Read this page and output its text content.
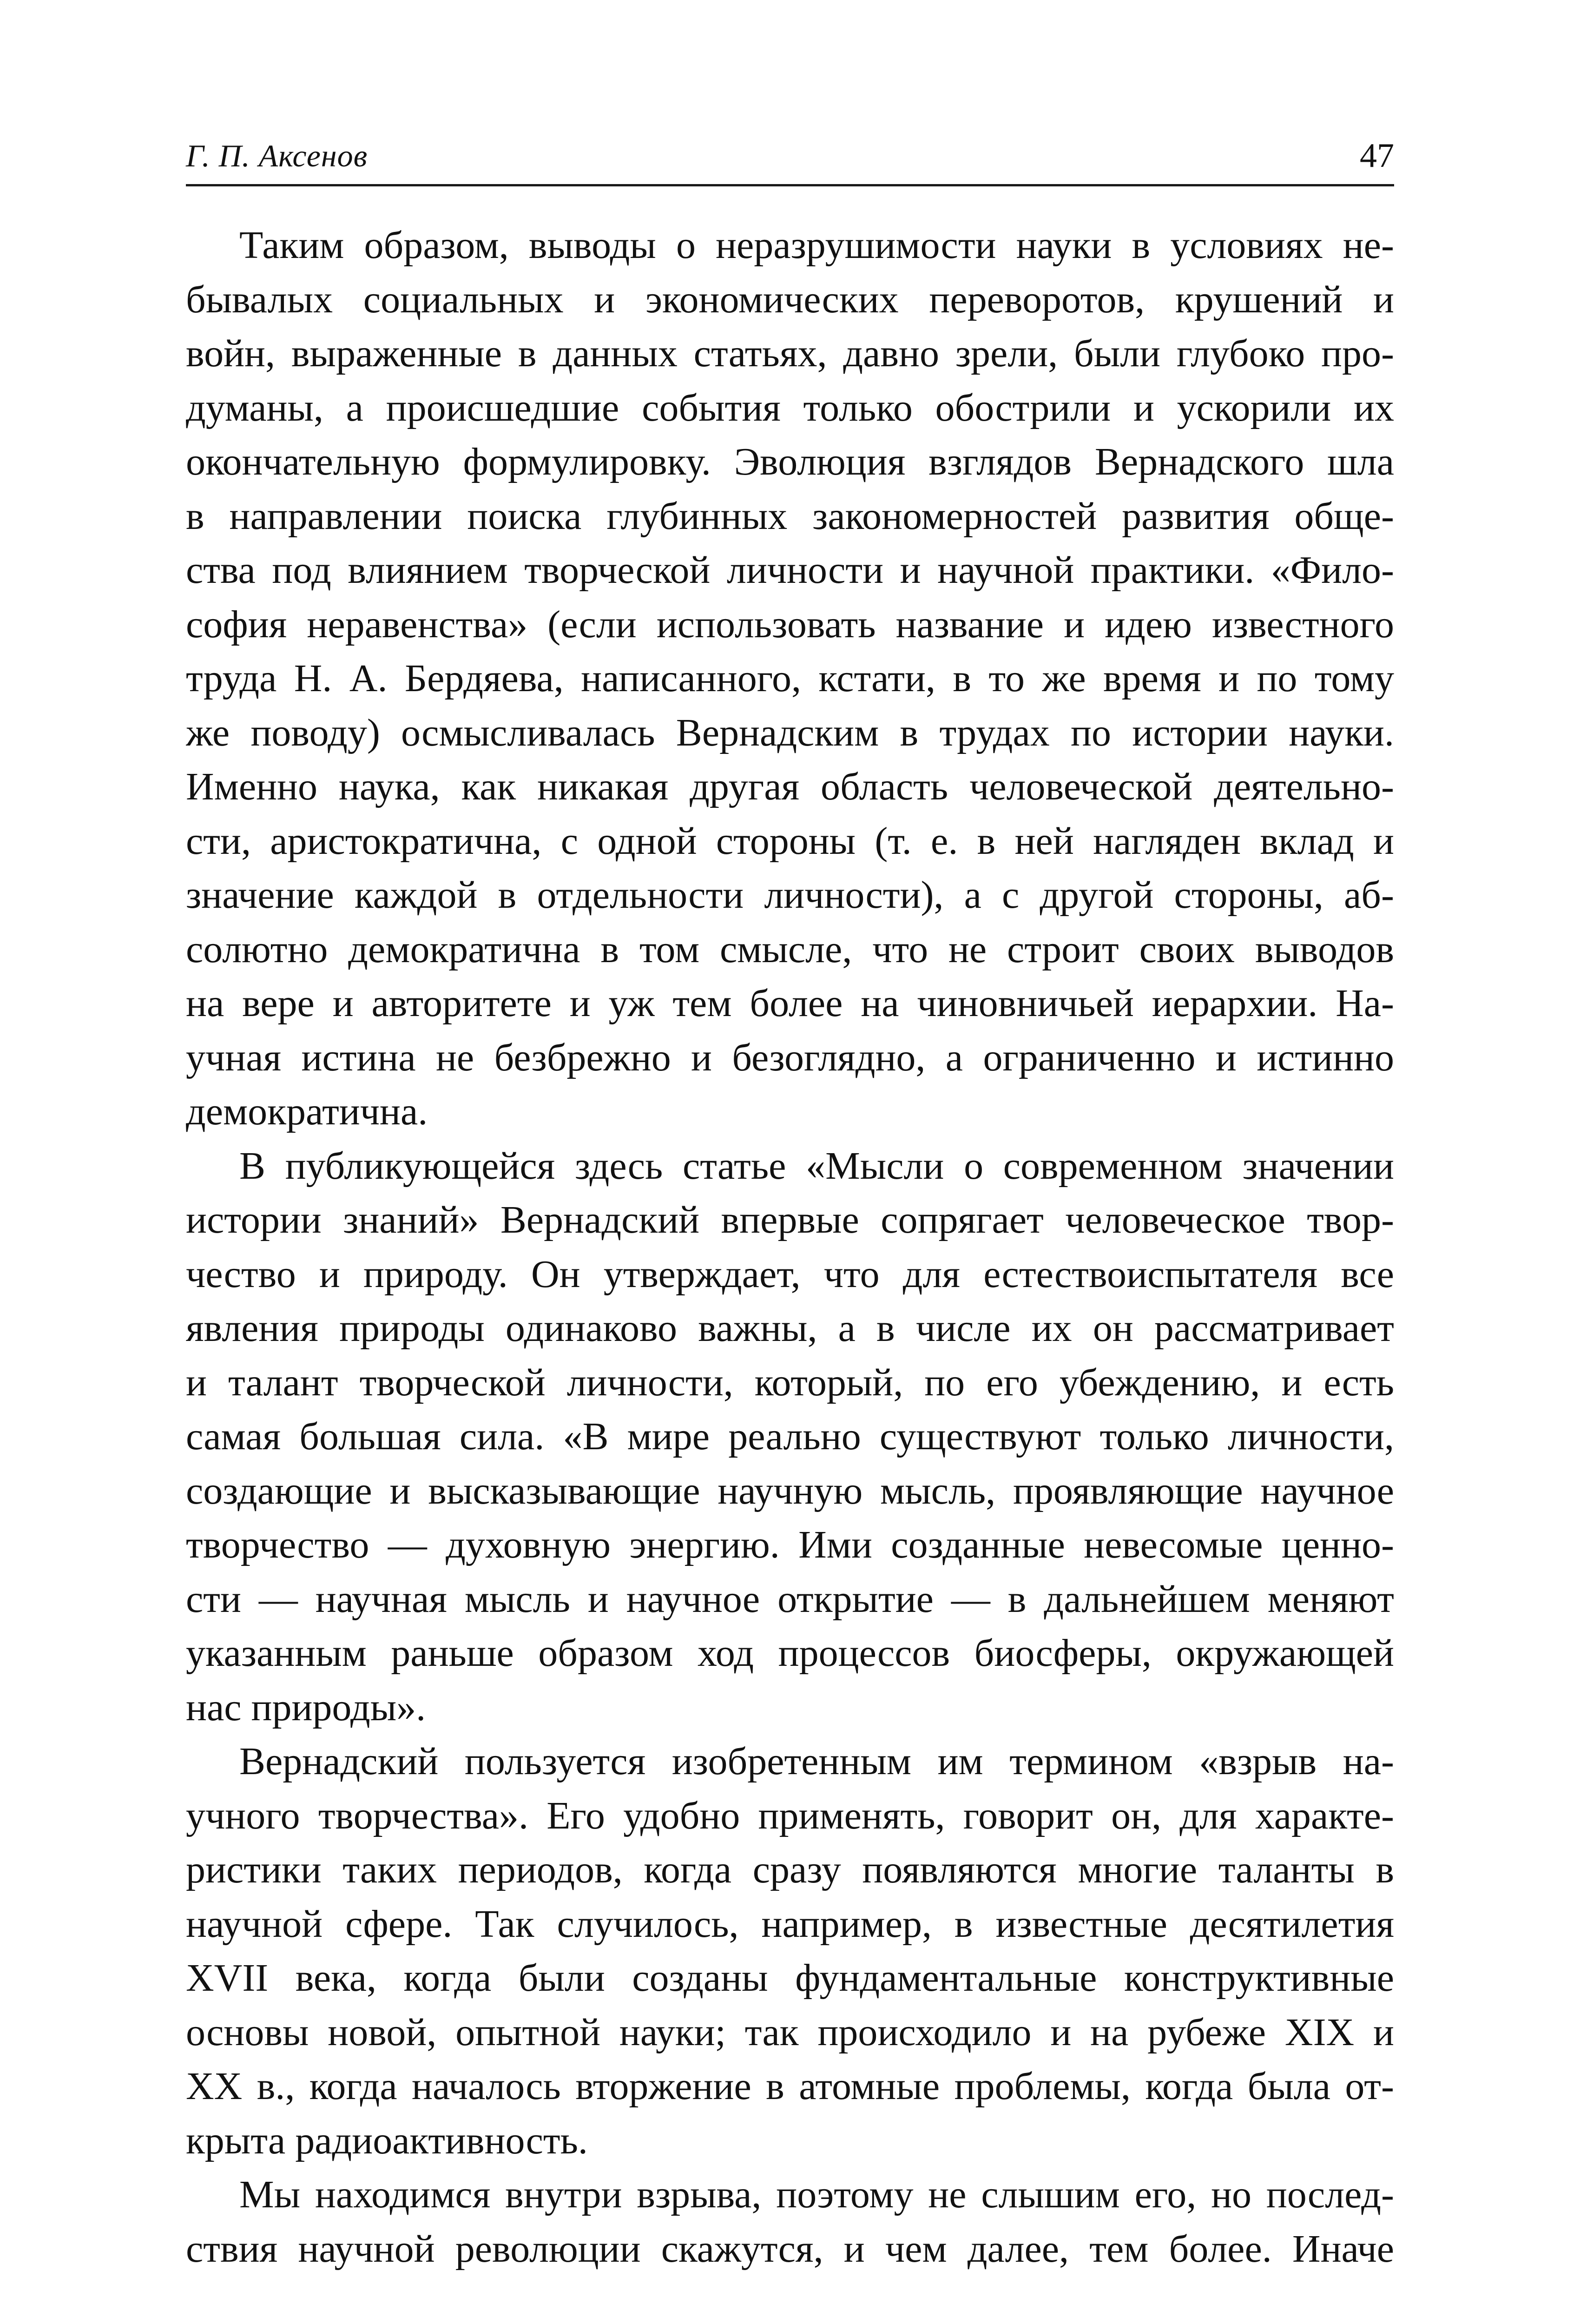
Г. П. Аксенов	47

Таким образом, выводы о неразрушимости науки в условиях не-
бывалых социальных и экономических переворотов, крушений и
войн, выраженные в данных статьях, давно зрели, были глубоко про-
думаны, а происшедшие события только обострили и ускорили их
окончательную формулировку. Эволюция взглядов Вернадского шла
в направлении поиска глубинных закономерностей развития обще-
ства под влиянием творческой личности и научной практики. «Фило-
софия неравенства» (если использовать название и идею известного
труда Н. А. Бердяева, написанного, кстати, в то же время и по тому
же поводу) осмысливалась Вернадским в трудах по истории науки.
Именно наука, как никакая другая область человеческой деятельно-
сти, аристократична, с одной стороны (т. е. в ней нагляден вклад и
значение каждой в отдельности личности), а с другой стороны, аб-
солютно демократична в том смысле, что не строит своих выводов
на вере и авторитете и уж тем более на чиновничьей иерархии. На-
учная истина не безбрежно и безоглядно, а ограниченно и истинно
демократична.

В публикующейся здесь статье «Мысли о современном значении
истории знаний» Вернадский впервые сопрягает человеческое твор-
чество и природу. Он утверждает, что для естествоиспытателя все
явления природы одинаково важны, а в числе их он рассматривает
и талант творческой личности, который, по его убеждению, и есть
самая большая сила. «В мире реально существуют только личности,
создающие и высказывающие научную мысль, проявляющие научное
творчество — духовную энергию. Ими созданные невесомые ценно-
сти — научная мысль и научное открытие — в дальнейшем меняют
указанным раньше образом ход процессов биосферы, окружающей
нас природы».

Вернадский пользуется изобретенным им термином «взрыв на-
учного творчества». Его удобно применять, говорит он, для характе-
ристики таких периодов, когда сразу появляются многие таланты в
научной сфере. Так случилось, например, в известные десятилетия
XVII века, когда были созданы фундаментальные конструктивные
основы новой, опытной науки; так происходило и на рубеже XIX и
XX в., когда началось вторжение в атомные проблемы, когда была от-
крыта радиоактивность.

Мы находимся внутри взрыва, поэтому не слышим его, но послед-
ствия научной революции скажутся, и чем далее, тем более. Иначе
